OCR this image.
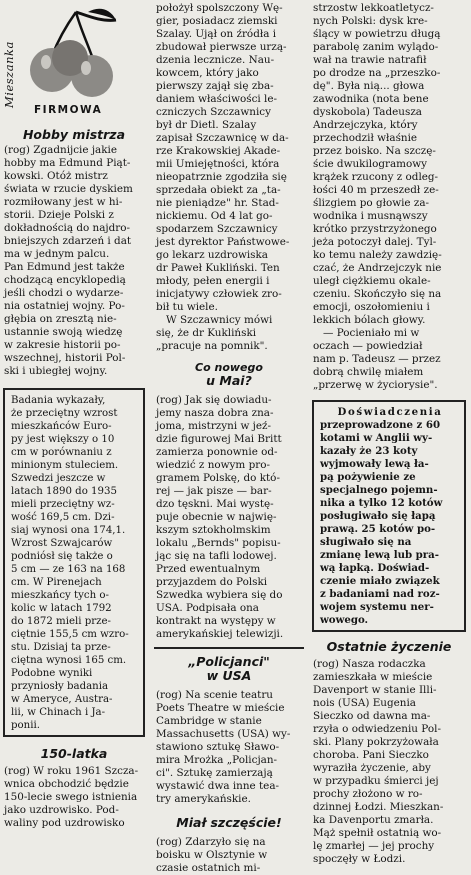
Mieszanka
FIRMOWA
Hobby mistrza

(rog) Zgadnijcie jakie

hobby ma Edmund Piąt-

kowski. Otóż mistrz

świata w rzucie dyskiem

rozmiłowany jest w hi-

storii. Dzieje Polski z

dokładnością do najdro-

bniejszych zdarzeń i dat

ma w jednym palcu.

Pan Edmund jest także

chodzącą encyklopedią

jeśli chodzi o wydarze-

nia ostatniej wojny. Po-

głębia on zresztą nie-

ustannie swoją wiedzę

w zakresie historii po-

wszechnej, historii Pol-

ski i ubiegłej wojny.

Badania wykazały,
że przeciętny wzrost
mieszkańców Euro-
py jest większy o 10
cm w porównaniu z
minionym stuleciem.
Szwedzi jeszcze w
latach 1890 do 1935
mieli przeciętny wz-
wość 169,5 cm. Dzi-
siaj wynosi ona 174,1.
Wzrost Szwajcarów
podniósł się także o
5 cm — ze 163 na 168
cm. W Pirenejach
mieszkańcy tych o-
kolic w latach 1792
do 1872 mieli prze-
ciętnie 155,5 cm wzro-
stu. Dzisiaj ta prze-
ciętna wynosi 165 cm.
Podobne wyniki
przyniosły badania
w Ameryce, Austra-
lii, w Chinach i Ja-
ponii.
150-latka

(rog) W roku 1961 Szcza-

wnica obchodzić będzie

150-lecie swego istnienia

jako uzdrowisko. Pod-

waliny pod uzdrowisko

położył spolszczony Wę-

gier, posiadacz ziemski

Szalay. Ujął on źródła i

zbudował pierwsze urzą-

dzenia lecznicze. Nau-

kowcem, który jako

pierwszy zajął się zba-

daniem właściwości le-

czniczych Szczawnicy

był dr Dietl. Szalay

zapisał Szczawnicę w da-

rze Krakowskiej Akade-

mii Umiejętności, która

nieopatrznie zgodziła się

sprzedała obiekt za „ta-

nie pieniądze" hr. Stad-

nickiemu. Od 4 lat go-

spodarzem Szczawnicy

jest dyrektor Państwowe-

go lekarz uzdrowiska

dr Paweł Kukliński. Ten

młody, pełen energii i

inicjatywy człowiek zro-

bił tu wiele.

W Szczawnicy mówi

się, że dr Kukliński

„pracuje na pomnik".

Co nowego
u Mai?

(rog) Jak się dowiadu-

jemy nasza dobra zna-

joma, mistrzyni w jeź-

dzie figurowej Mai Britt

zamierza ponownie od-

wiedzić z nowym pro-

gramem Polskę, do któ-

rej — jak pisze — bar-

dzo tęskni. Mai wystę-

puje obecnie w najwię-

kszym sztokholmskim

lokalu „Bernds" popisu-

jąc się na tafli lodowej.

Przed ewentualnym

przyjazdem do Polski

Szwedka wybiera się do

USA. Podpisała ona

kontrakt na występy w

amerykańskiej telewizji.

„Policjanci"
w USA

(rog) Na scenie teatru

Poets Theatre w mieście

Cambridge w stanie

Massachusetts (USA) wy-

stawiono sztukę Sławo-

mira Mrożka „Policjan-

ci". Sztukę zamierzają

wystawić dwa inne tea-

try amerykańskie.

Miał szczęście!

(rog) Zdarzyło się na

boisku w Olsztynie w

czasie ostatnich mi-

strzostw lekkoatletycz-

nych Polski: dysk kre-

ślący w powietrzu długą

parabolę zanim wylądo-

wał na trawie natrafił

po drodze na „przeszko-

dę". Była nią... głowa

zawodnika (nota bene

dyskobola) Tadeusza

Andrzejczyka, który

przechodził właśnie

przez boisko. Na szczę-

ście dwukilogramowy

krążek rzucony z odleg-

łości 40 m przeszedł ze-

ślizgiem po głowie za-

wodnika i musnąwszy

krótko przystrzyżonego

jeża potoczył dalej. Tyl-

ko temu należy zawdzię-

czać, że Andrzejczyk nie

uległ ciężkiemu okale-

czeniu. Skończyło się na

emocji, oszołomieniu i

lekkich bólach głowy.

— Pocieniało mi w

oczach — powiedział

nam p. Tadeusz — przez

dobrą chwilę miałem

„przerwę w życiorysie".

Doświadczenia
przeprowadzone z 60
kotami w Anglii wy-
kazały że 23 koty
wyjmowały lewą ła-
pą pożywienie ze
specjalnego pojemn-
nika a tylko 12 kotów
posługiwało się łapą
prawą. 25 kotów po-
sługiwało się na
zmianę lewą lub pra-
wą łapką. Doświad-
czenie miało związek
z badaniami nad roz-
wojem systemu ner-
wowego.
Ostatnie życzenie

(rog) Nasza rodaczka

zamieszkała w mieście

Davenport w stanie Illi-

nois (USA) Eugenia

Sieczko od dawna ma-

rzyła o odwiedzeniu Pol-

ski. Plany pokrzyżowała

choroba. Pani Sieczko

wyraziła życzenie, aby

w przypadku śmierci jej

prochy złożono w ro-

dzinnej Łodzi. Mieszkan-

ka Davenportu zmarła.

Mąż spełnił ostatnią wo-

lę zmarłej — jej prochy

spoczęły w Łodzi.
